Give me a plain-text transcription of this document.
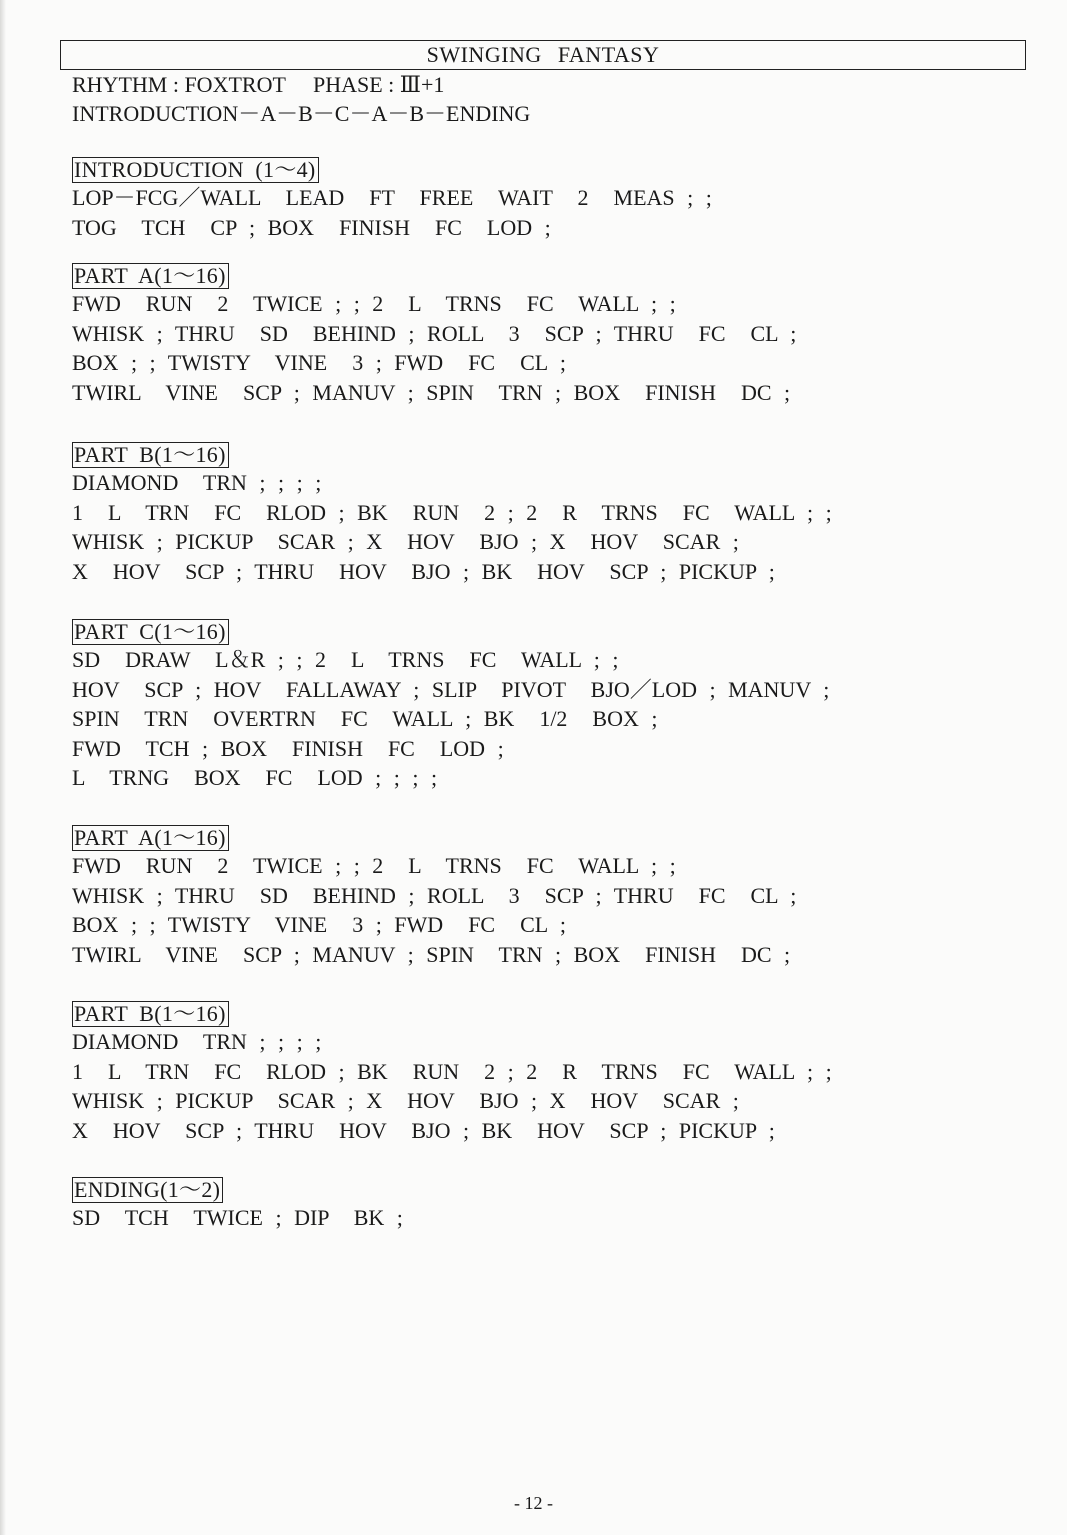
SWINGING FANTASY
RHYTHM : FOXTROT     PHASE : Ⅲ+1
INTRODUCTION－A－B－C－A－B－ENDING
INTRODUCTION  (1～4)
LOP－FCG／WALL  LEAD  FT  FREE  WAIT  2  MEAS ; ;
TOG  TCH  CP ; BOX  FINISH  FC  LOD ;
PART  A(1～16)
FWD  RUN  2  TWICE ; ; 2  L  TRNS  FC  WALL ; ;
WHISK ; THRU  SD  BEHIND ; ROLL  3  SCP ; THRU  FC  CL ;
BOX ; ; TWISTY  VINE  3 ; FWD  FC  CL ;
TWIRL  VINE  SCP ; MANUV ; SPIN  TRN ; BOX  FINISH  DC ;
PART  B(1～16)
DIAMOND  TRN ; ; ; ;
1  L  TRN  FC  RLOD ; BK  RUN  2 ; 2  R  TRNS  FC  WALL ; ;
WHISK ; PICKUP  SCAR ; X  HOV  BJO ; X  HOV  SCAR ;
X  HOV  SCP ; THRU  HOV  BJO ; BK  HOV  SCP ; PICKUP ;
PART  C(1～16)
SD  DRAW  L＆R ; ; 2  L  TRNS  FC  WALL ; ;
HOV  SCP ; HOV  FALLAWAY ; SLIP  PIVOT  BJO／LOD ; MANUV ;
SPIN  TRN  OVERTRN  FC  WALL ; BK  1/2  BOX ;
FWD  TCH ; BOX  FINISH  FC  LOD ;
L  TRNG  BOX  FC  LOD ; ; ; ;
PART  A(1～16)
FWD  RUN  2  TWICE ; ; 2  L  TRNS  FC  WALL ; ;
WHISK ; THRU  SD  BEHIND ; ROLL  3  SCP ; THRU  FC  CL ;
BOX ; ; TWISTY  VINE  3 ; FWD  FC  CL ;
TWIRL  VINE  SCP ; MANUV ; SPIN  TRN ; BOX  FINISH  DC ;
PART  B(1～16)
DIAMOND  TRN ; ; ; ;
1  L  TRN  FC  RLOD ; BK  RUN  2 ; 2  R  TRNS  FC  WALL ; ;
WHISK ; PICKUP  SCAR ; X  HOV  BJO ; X  HOV  SCAR ;
X  HOV  SCP ; THRU  HOV  BJO ; BK  HOV  SCP ; PICKUP ;
ENDING(1～2)
SD  TCH  TWICE ; DIP  BK ;
- 12 -
